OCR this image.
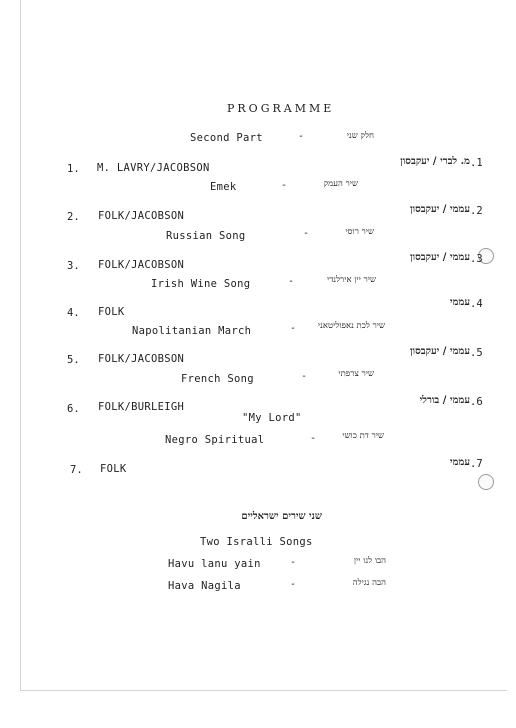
PROGRAMME
Second Part	-	חלק שני
1. M. LAVRY/JACOBSON
מ. לברי / יעקבסון .1
Emek	-	שיר העמק
2. FOLK/JACOBSON
עממי / יעקבסון .2
Russian Song	-	שיר רוסי
3. FOLK/JACOBSON
עממי / יעקבסון .3
Irish Wine Song	-	שיר יין אירלנדי
4. FOLK
עממי .4
Napolitanian March	-	שיר לכת נאפוליטאני
5. FOLK/JACOBSON
עממי / יעקבסון .5
French Song	-	שיר צרפתי
6. FOLK/BURLEIGH
עממי / בורלי .6
"My Lord"
Negro Spiritual	-	שיר דת כושי
7. FOLK
עממי .7
שני שירים ישראליים
Two Isralli Songs
Havu lanu yain	-	הבו לנו יין
Hava Nagila	-	הבה נגילה
